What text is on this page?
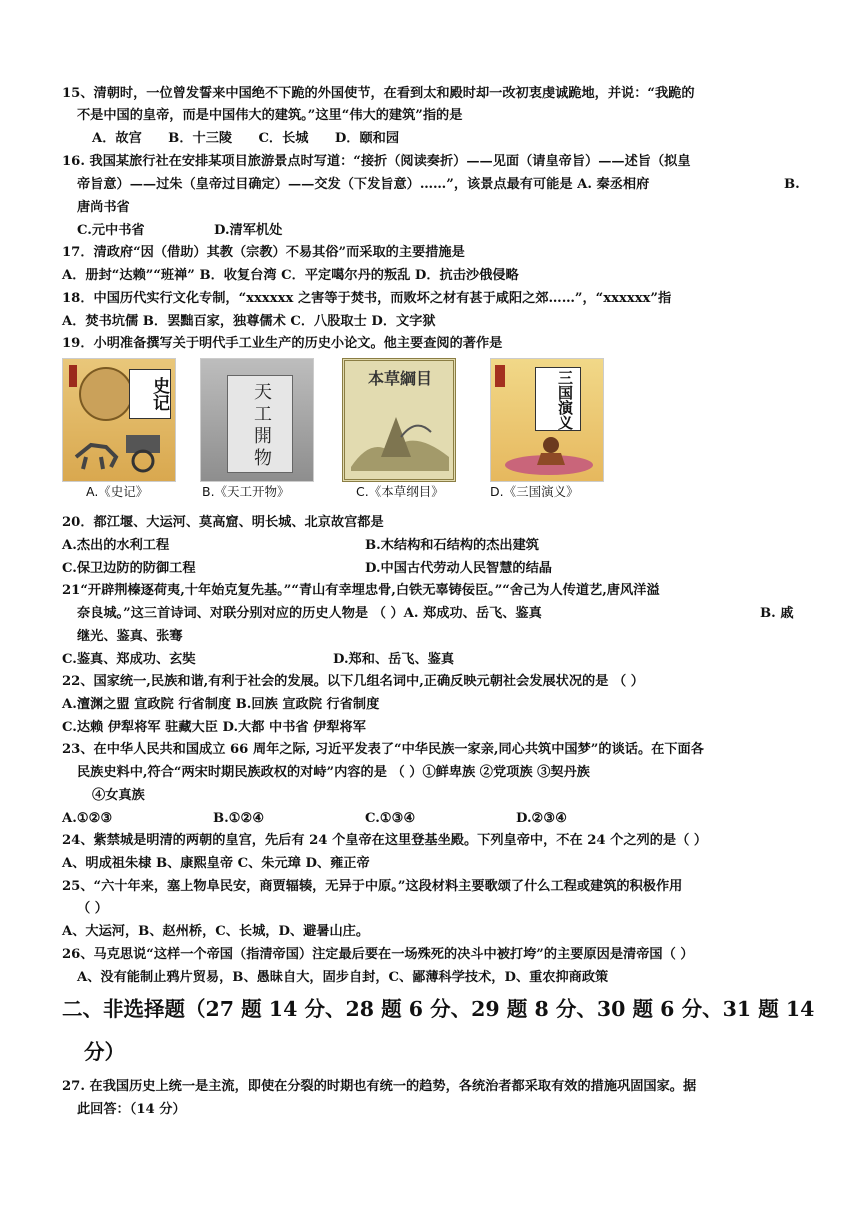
15、清朝时，一位曾发誓来中国绝不下跪的外国使节，在看到太和殿时却一改初衷虔诚跪地，并说：“我跪的
不是中国的皇帝，而是中国伟大的建筑。”这里“伟大的建筑”指的是
A．故宫　　B．十三陵　　C．长城　　D．颐和园
16. 我国某旅行社在安排某项目旅游景点时写道：“接折（阅读奏折）——见面（请皇帝旨）——述旨（拟皇
帝旨意）——过朱（皇帝过目确定）——交发（下发旨意）……”，该景点最有可能是 A. 秦丞相府	B.
唐尚书省
C.元中书省	D.清军机处
17．清政府“因（借助）其教（宗教）不易其俗”而采取的主要措施是
A．册封“达赖”“班禅” B．收复台湾 C．平定噶尔丹的叛乱 D．抗击沙俄侵略
18．中国历代实行文化专制，“xxxxxx 之害等于焚书，而败坏之材有甚于咸阳之郊……”，“xxxxxx”指
A．焚书坑儒 B．罢黜百家，独尊儒术 C．八股取士 D．文字狱
19．小明准备撰写关于明代手工业生产的历史小论文。他主要查阅的著作是
史记
A.《史记》
天工開物
B.《天工开物》
本草綱目
C.《本草纲目》
三国演义
D.《三国演义》
20．都江堰、大运河、莫高窟、明长城、北京故宫都是
A.杰出的水利工程	B.木结构和石结构的杰出建筑
C.保卫边防的防御工程	D.中国古代劳动人民智慧的结晶
21“开辟荆榛逐荷夷,十年始克复先基。”“青山有幸埋忠骨,白铁无辜铸佞臣。”“舍己为人传道艺,唐风洋溢
奈良城。”这三首诗词、对联分别对应的历史人物是 （ ）A. 郑成功、岳飞、鉴真	B. 戚
继光、鉴真、张骞
C.鉴真、郑成功、玄奘	D.郑和、岳飞、鉴真
22、国家统一,民族和谐,有利于社会的发展。以下几组名词中,正确反映元朝社会发展状况的是 （ ）
A.澶渊之盟 宣政院 行省制度 B.回族 宣政院 行省制度
C.达赖 伊犁将军 驻藏大臣 D.大都 中书省 伊犁将军
23、在中华人民共和国成立 66 周年之际, 习近平发表了“中华民族一家亲,同心共筑中国梦”的谈话。在下面各
民族史料中,符合“两宋时期民族政权的对峙”内容的是 （ ）①鲜卑族 ②党项族 ③契丹族
④女真族
A.①②③	B.①②④	C.①③④	D.②③④
24、紫禁城是明清的两朝的皇宫，先后有 24 个皇帝在这里登基坐殿。下列皇帝中，不在 24 个之列的是（ ）
A、明成祖朱棣 B、康熙皇帝 C、朱元璋 D、雍正帝
25、“六十年来，塞上物阜民安，商贾辐辏，无异于中原。”这段材料主要歌颂了什么工程或建筑的积极作用
（ ）
A、大运河，B、赵州桥，C、长城，D、避暑山庄。
26、马克思说“这样一个帝国（指清帝国）注定最后要在一场殊死的决斗中被打垮”的主要原因是清帝国（ ）
A、没有能制止鸦片贸易，B、愚昧自大，固步自封，C、鄙薄科学技术，D、重农抑商政策
二、非选择题（27 题 14 分、28 题 6 分、29 题 8 分、30 题 6 分、31 题 14
分）
27. 在我国历史上统一是主流，即使在分裂的时期也有统一的趋势，各统治者都采取有效的措施巩固国家。据
此回答：（14 分）
